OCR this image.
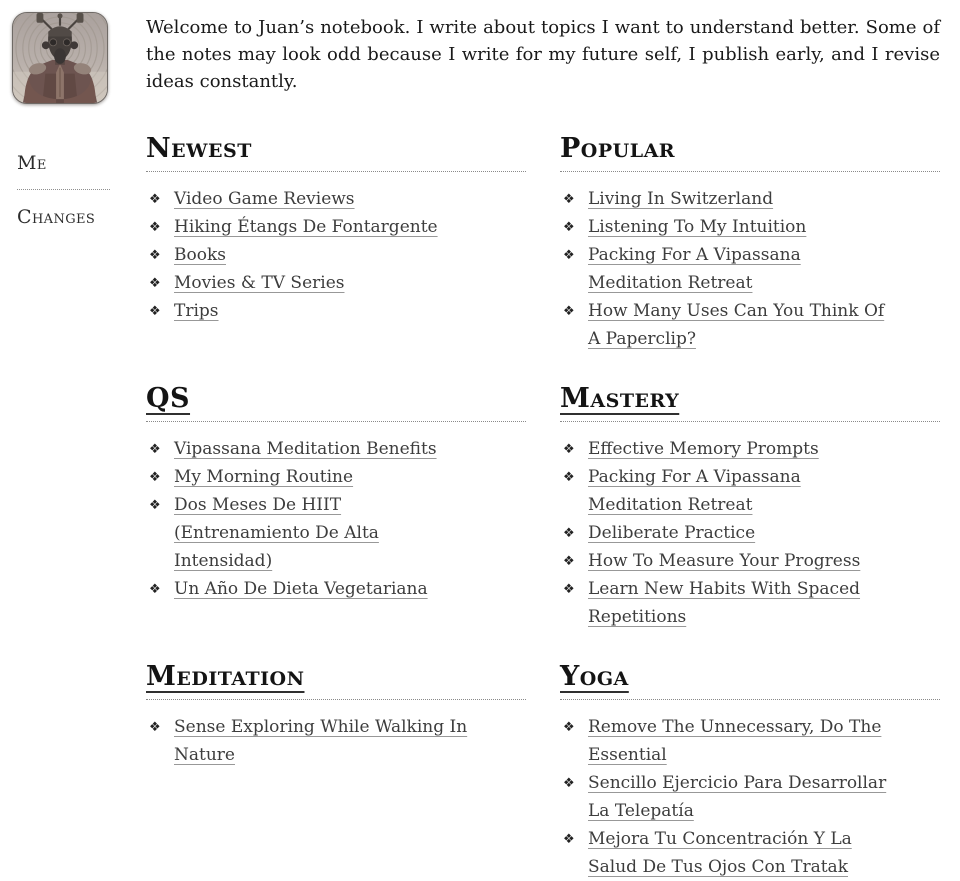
Me
Changes

Welcome to Juan’s notebook. I write about topics I want to understand better. Some of the notes may look odd because I write for my future self, I publish early, and I revise ideas constantly.

Newest
❖ Video Game Reviews
❖ Hiking Étangs De Fontargente
❖ Books
❖ Movies & TV Series
❖ Trips
Popular
❖ Living In Switzerland
❖ Listening To My Intuition
❖ Packing For A Vipassana Meditation Retreat
❖ How Many Uses Can You Think Of A Paperclip?
QS
❖ Vipassana Meditation Benefits
❖ My Morning Routine
❖ Dos Meses De HIIT (Entrenamiento De Alta Intensidad)
❖ Un Año De Dieta Vegetariana
Mastery
❖ Effective Memory Prompts
❖ Packing For A Vipassana Meditation Retreat
❖ Deliberate Practice
❖ How To Measure Your Progress
❖ Learn New Habits With Spaced Repetitions
Meditation
❖ Sense Exploring While Walking In Nature
Yoga
❖ Remove The Unnecessary, Do The Essential
❖ Sencillo Ejercicio Para Desarrollar La Telepatía
❖ Mejora Tu Concentración Y La Salud De Tus Ojos Con Tratak
